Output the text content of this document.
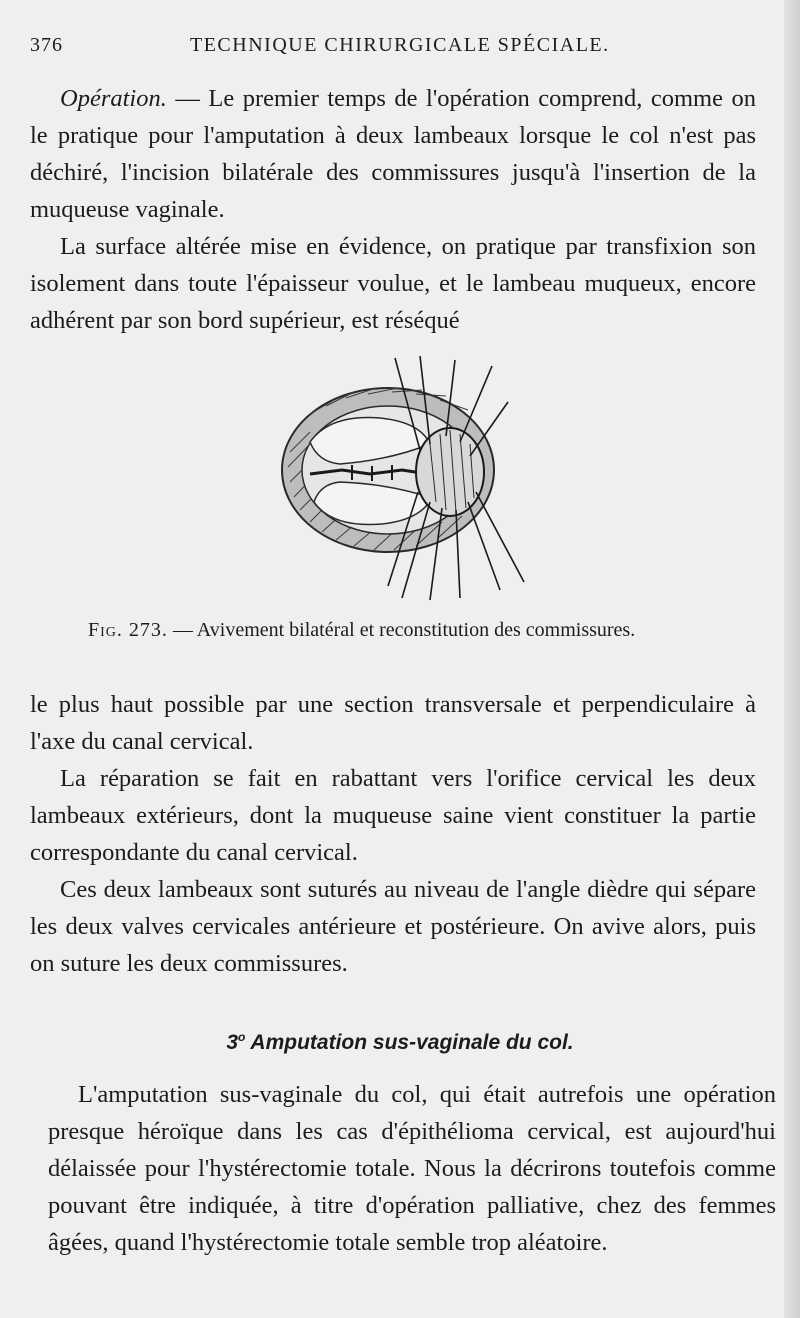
376	TECHNIQUE CHIRURGICALE SPÉCIALE.

Opération. — Le premier temps de l'opération comprend, comme on le pratique pour l'amputation à deux lambeaux lorsque le col n'est pas déchiré, l'incision bilatérale des commissures jusqu'à l'insertion de la muqueuse vaginale.

La surface altérée mise en évidence, on pratique par transfixion son isolement dans toute l'épaisseur voulue, et le lambeau muqueux, encore adhérent par son bord supérieur, est réséqué

Fig. 273. — Avivement bilatéral et reconstitution des commissures.

le plus haut possible par une section transversale et perpendiculaire à l'axe du canal cervical.

La réparation se fait en rabattant vers l'orifice cervical les deux lambeaux extérieurs, dont la muqueuse saine vient constituer la partie correspondante du canal cervical.

Ces deux lambeaux sont suturés au niveau de l'angle dièdre qui sépare les deux valves cervicales antérieure et postérieure. On avive alors, puis on suture les deux commissures.

3$^o$ Amputation sus-vaginale du col.

L'amputation sus-vaginale du col, qui était autrefois une opération presque héroïque dans les cas d'épithélioma cervical, est aujourd'hui délaissée pour l'hystérectomie totale. Nous la décrirons toutefois comme pouvant être indiquée, à titre d'opération palliative, chez des femmes âgées, quand l'hystérectomie totale semble trop aléatoire.
